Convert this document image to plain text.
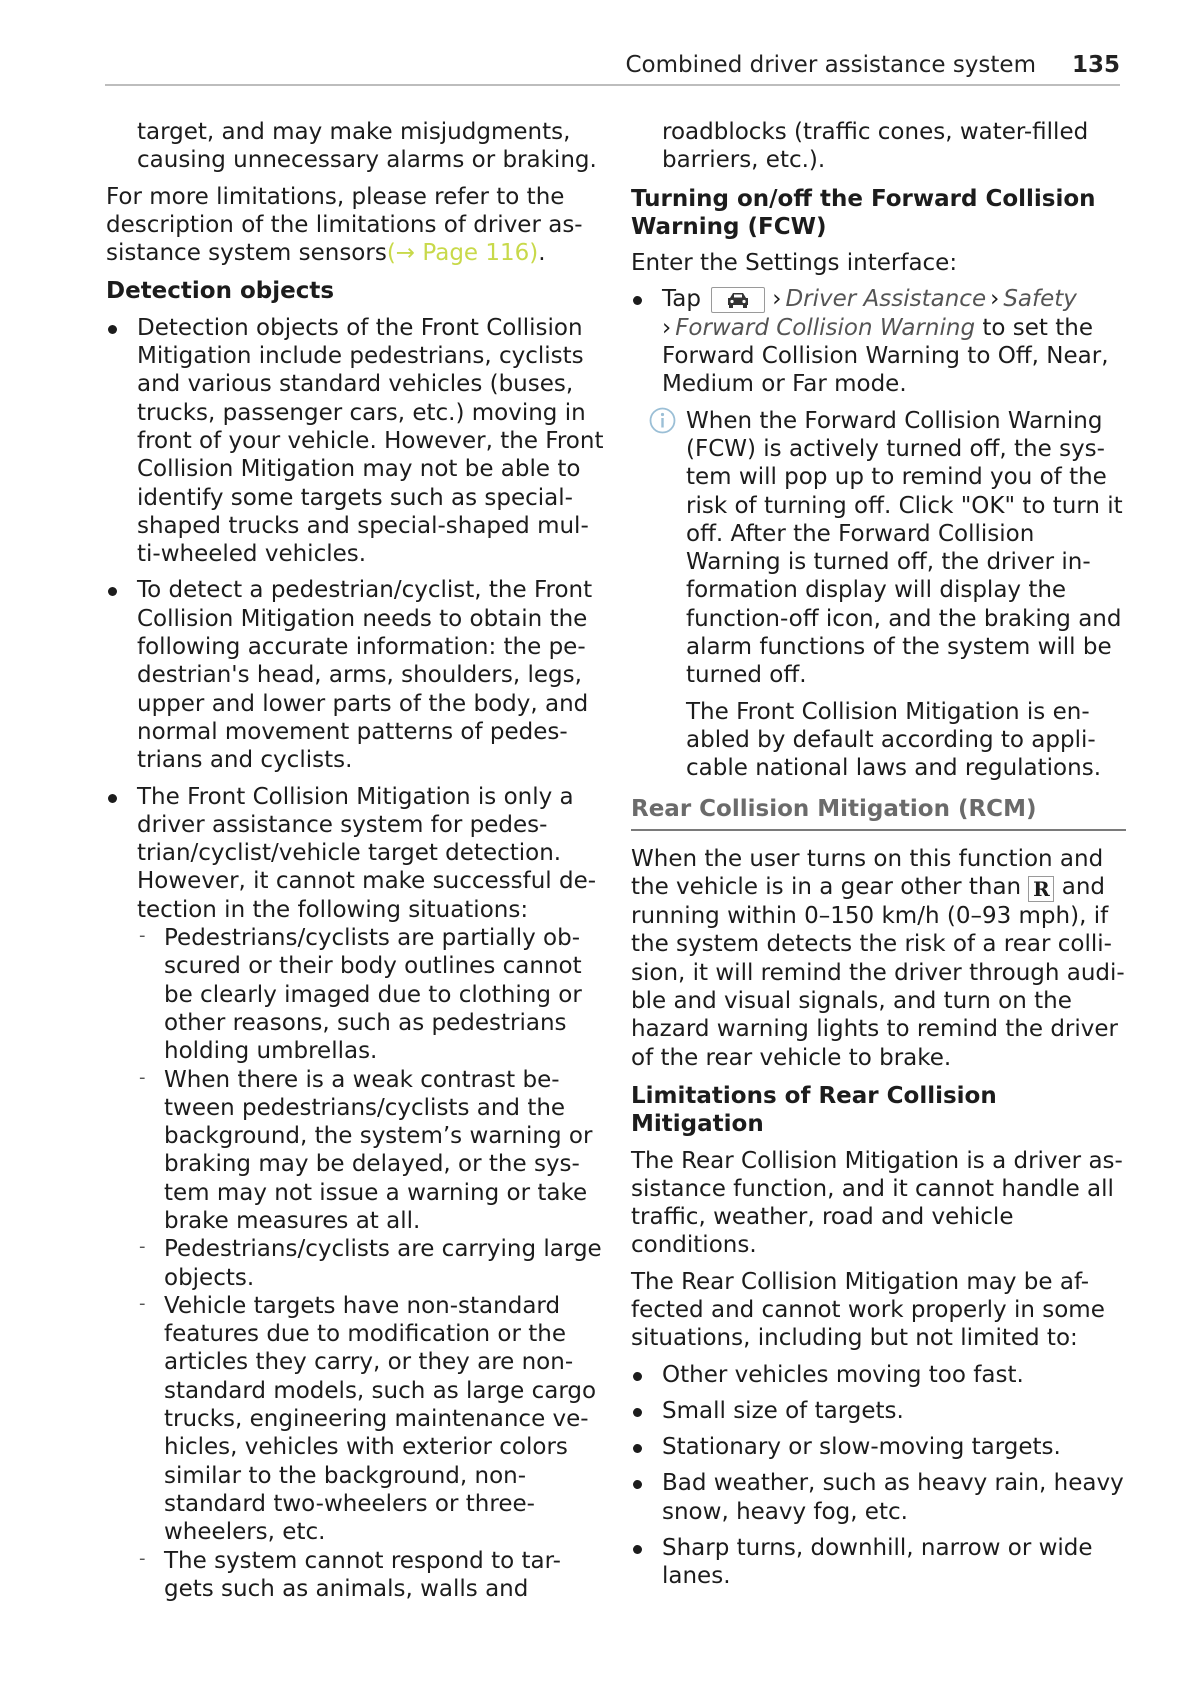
Combined driver assistance system 135

target, and may make misjudgments, causing unnecessary alarms or braking.

For more limitations, please refer to the description of the limitations of driver as-sistance system sensors(→ Page 116).

Detection objects
Detection objects of the Front Collision Mitigation include pedestrians, cyclists and various standard vehicles (buses, trucks, passenger cars, etc.) moving in front of your vehicle. However, the Front Collision Mitigation may not be able to identify some targets such as special-shaped trucks and special-shaped mul-ti-wheeled vehicles.
To detect a pedestrian/cyclist, the Front Collision Mitigation needs to obtain the following accurate information: the pe-destrian's head, arms, shoulders, legs, upper and lower parts of the body, and normal movement patterns of pedes-trians and cyclists.
The Front Collision Mitigation is only a driver assistance system for pedes-trian/cyclist/vehicle target detection. However, it cannot make successful de-tection in the following situations:
- Pedestrians/cyclists are partially ob-scured or their body outlines cannot be clearly imaged due to clothing or other reasons, such as pedestrians holding umbrellas.
- When there is a weak contrast be-tween pedestrians/cyclists and the background, the system’s warning or braking may be delayed, or the sys-tem may not issue a warning or take brake measures at all.
- Pedestrians/cyclists are carrying large objects.
- Vehicle targets have non-standard features due to modification or the articles they carry, or they are non-standard models, such as large cargo trucks, engineering maintenance ve-hicles, vehicles with exterior colors similar to the background, non-standard two-wheelers or three-wheelers, etc.
- The system cannot respond to tar-gets such as animals, walls and

roadblocks (traffic cones, water-filled barriers, etc.).

Turning on/off the Forward Collision Warning (FCW)

Enter the Settings interface:

Tap	› Driver Assistance › Safety
› Forward Collision Warning to set the Forward Collision Warning to Off, Near, Medium or Far mode.

When the Forward Collision Warning (FCW) is actively turned off, the sys-tem will pop up to remind you of the risk of turning off. Click "OK" to turn it off. After the Forward Collision Warning is turned off, the driver in-formation display will display the function-off icon, and the braking and alarm functions of the system will be turned off.

The Front Collision Mitigation is en-abled by default according to appli-cable national laws and regulations.

Rear Collision Mitigation (RCM)

When the user turns on this function and the vehicle is in a gear other than R and running within 0–150 km/h (0–93 mph), if the system detects the risk of a rear colli-sion, it will remind the driver through audi-ble and visual signals, and turn on the hazard warning lights to remind the driver of the rear vehicle to brake.

Limitations of Rear Collision Mitigation

The Rear Collision Mitigation is a driver as-sistance function, and it cannot handle all traffic, weather, road and vehicle conditions.

The Rear Collision Mitigation may be af-fected and cannot work properly in some situations, including but not limited to:

Other vehicles moving too fast.
Small size of targets.
Stationary or slow-moving targets.
Bad weather, such as heavy rain, heavy snow, heavy fog, etc.
Sharp turns, downhill, narrow or wide lanes.
